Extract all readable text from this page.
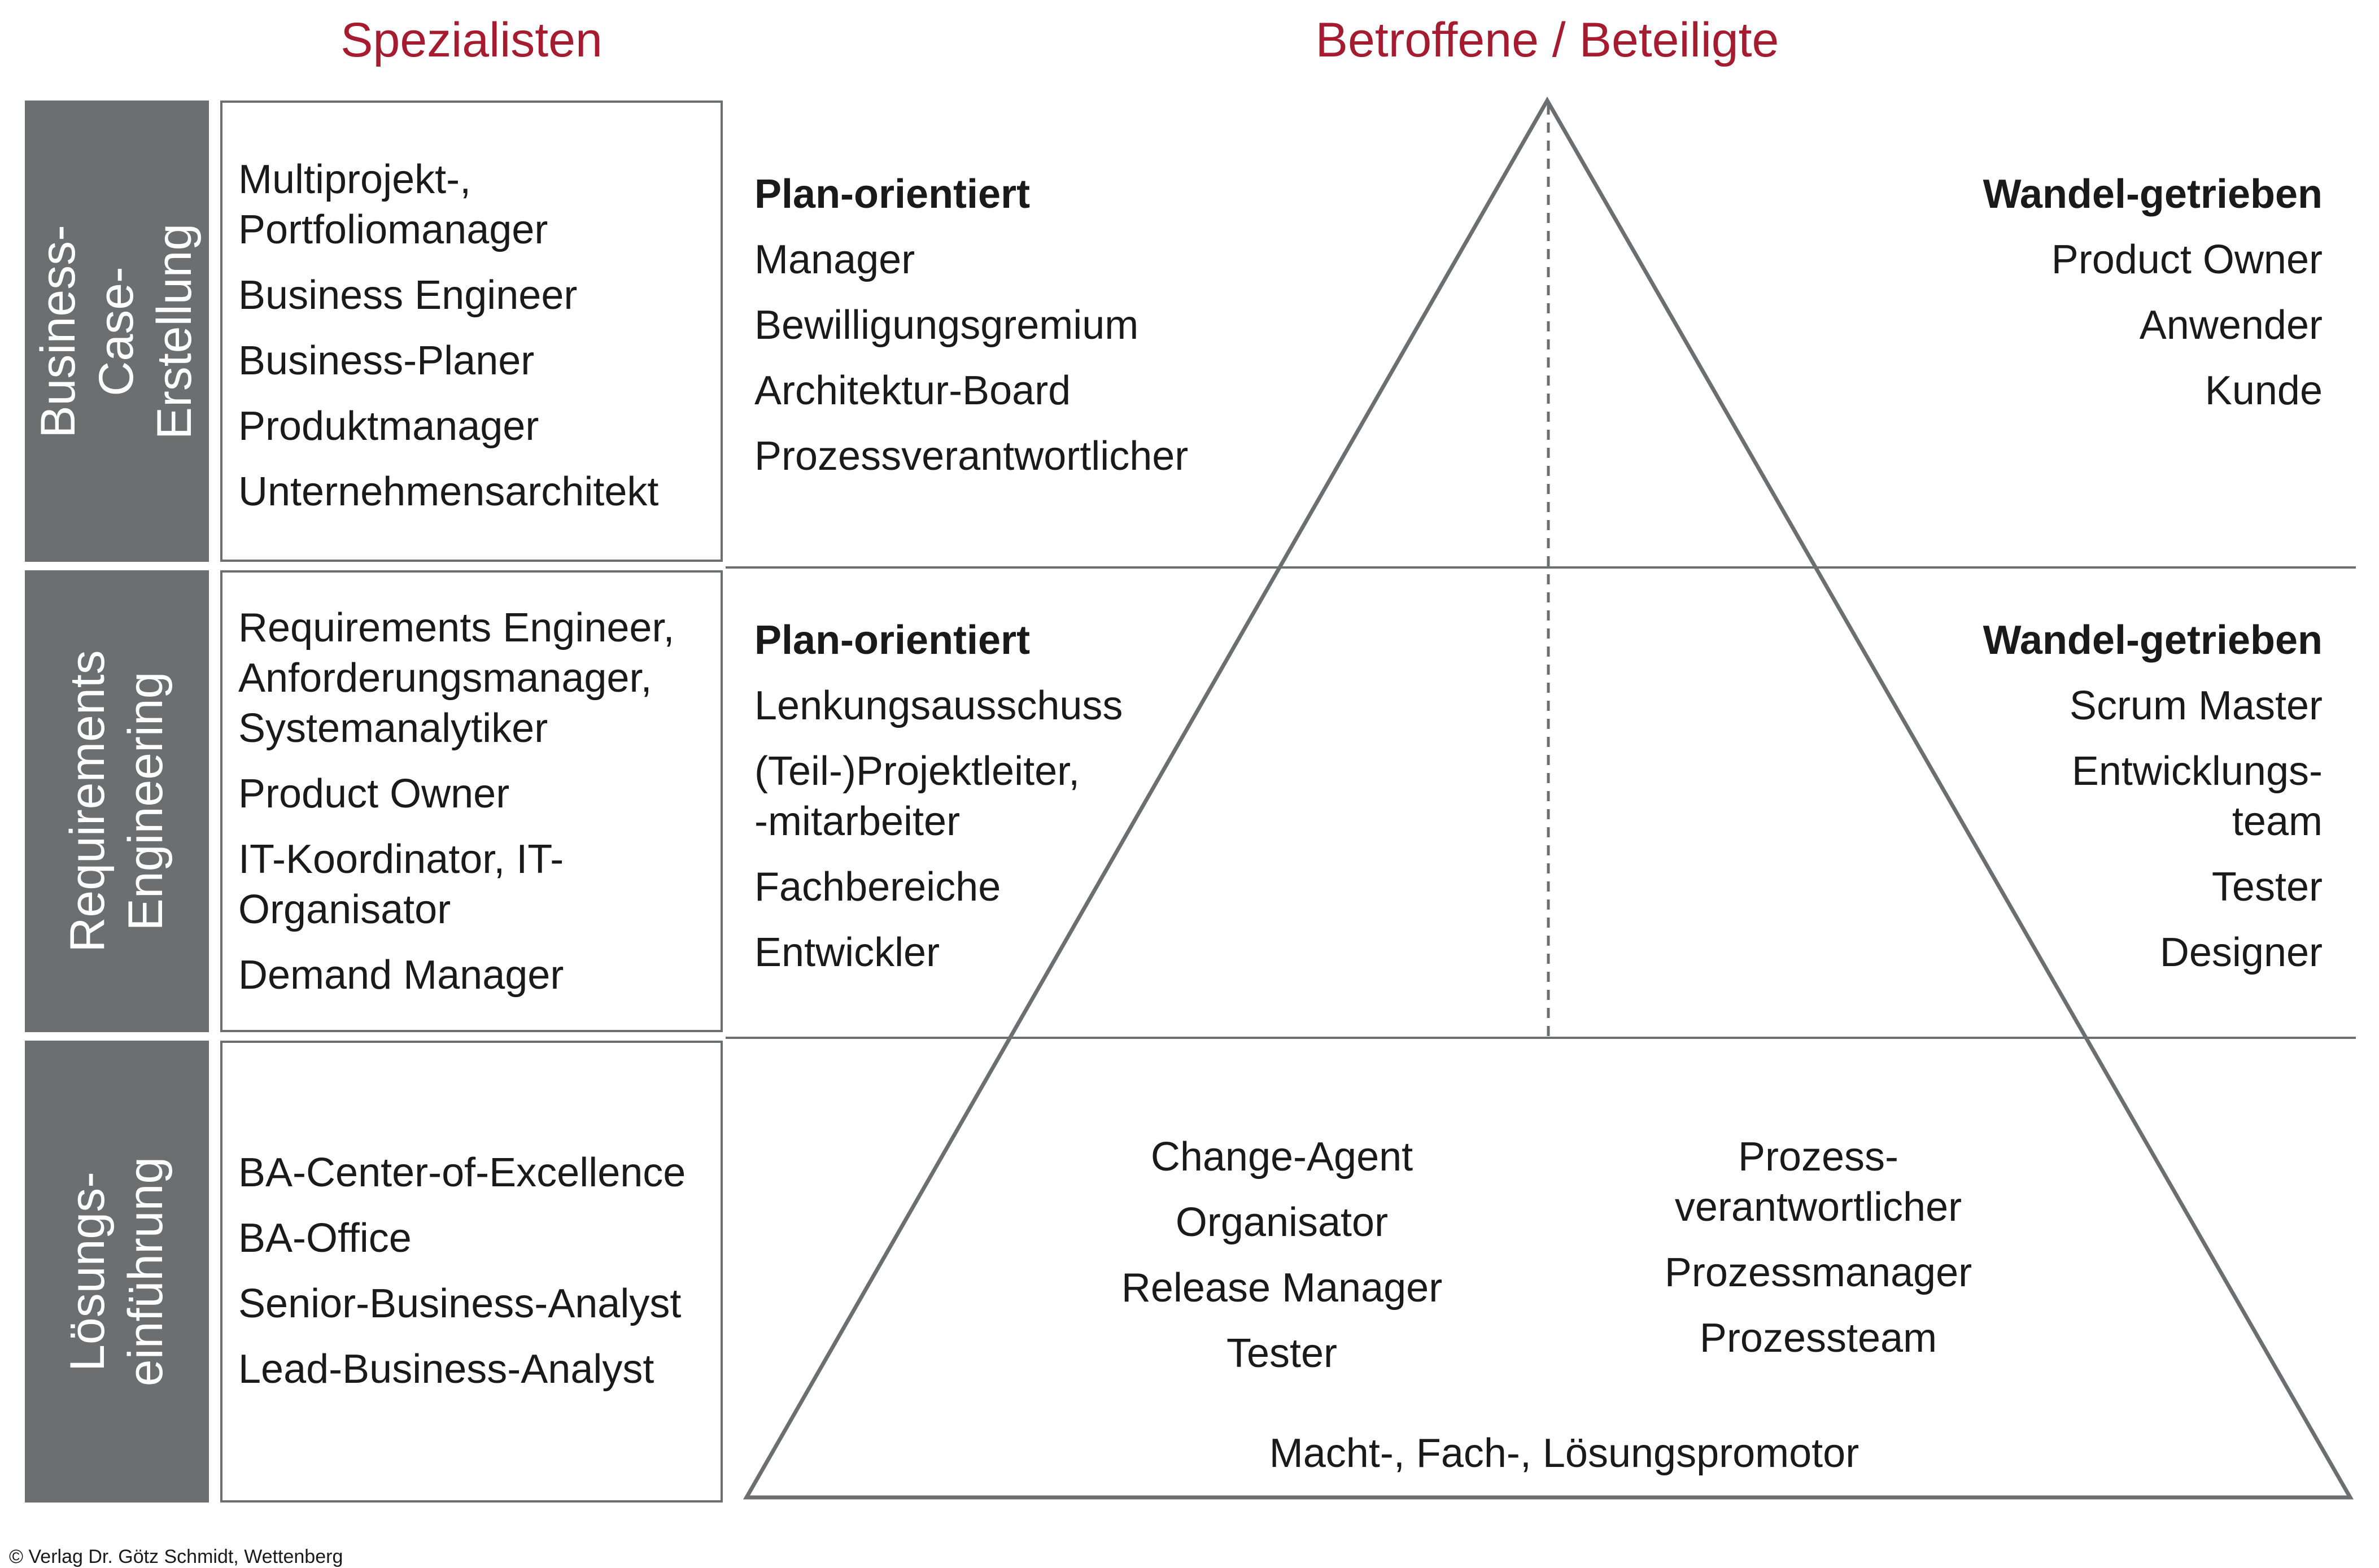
Spezialisten	Betroffene / Beteiligte
Business-Case-
Erstellung
Multiprojekt-,
Portfoliomanager
Business Engineer
Business-Planer
Produktmanager
Unternehmensarchitekt
Plan-orientiert
Manager
Bewilligungsgremium
Architektur-Board
Prozessverantwortlicher
Wandel-getrieben
Product Owner
Anwender
Kunde
Requirements
Engineering
Requirements Engineer,
Anforderungsmanager,
Systemanalytiker
Product Owner
IT-Koordinator, IT-
Organisator
Demand Manager
Plan-orientiert
Lenkungsausschuss
(Teil-)Projektleiter,
-mitarbeiter
Fachbereiche
Entwickler
Wandel-getrieben
Scrum Master
Entwicklungs-
team
Tester
Designer
Lösungs-
einführung BA-Center-of-Excellence
BA-Office
Senior-Business-Analyst
Lead-Business-Analyst
Change-Agent
Organisator
Release Manager
Tester
Prozess-
verantwortlicher
Prozessmanager
Prozessteam
Macht-, Fach-, Lösungspromotor
© Verlag Dr. Götz Schmidt, Wettenberg
